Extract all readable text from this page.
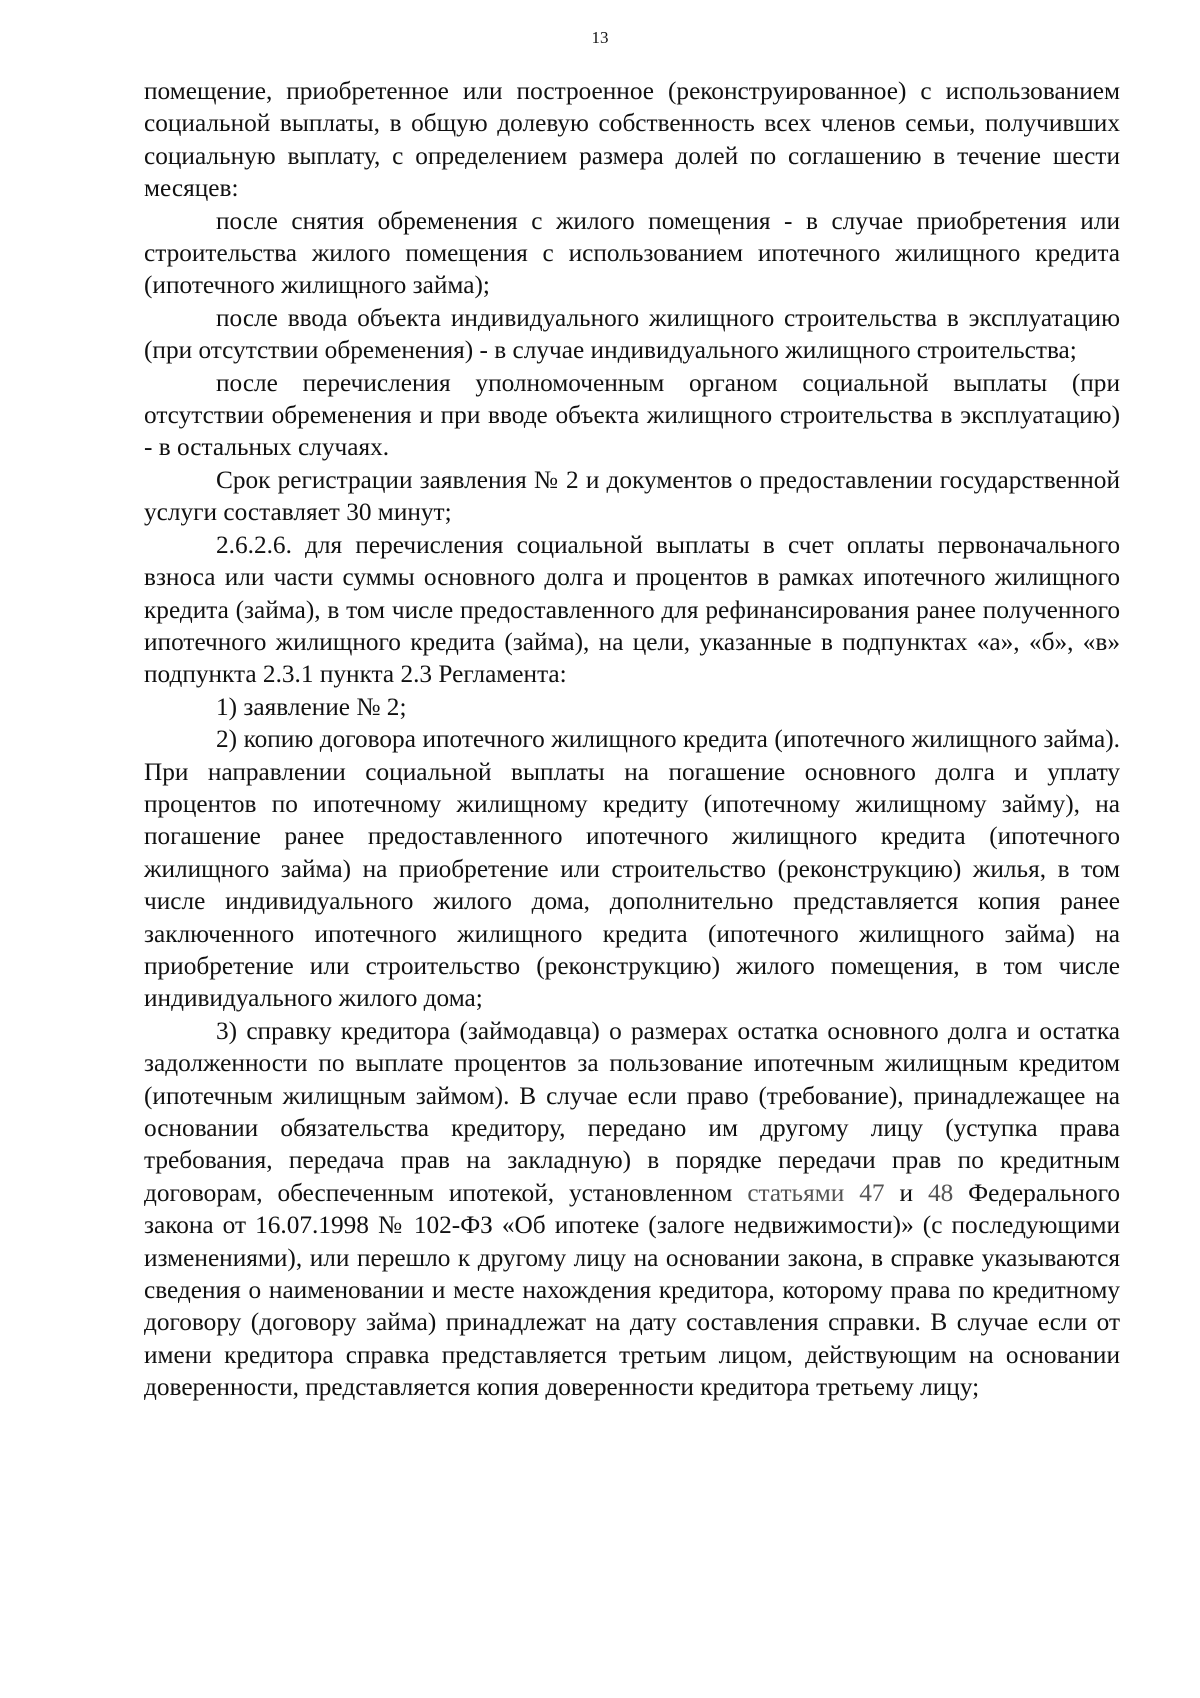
13

помещение, приобретенное или построенное (реконструированное) с использованием социальной выплаты, в общую долевую собственность всех членов семьи, получивших социальную выплату, с определением размера долей по соглашению в течение шести месяцев:

после снятия обременения с жилого помещения - в случае приобретения или строительства жилого помещения с использованием ипотечного жилищного кредита (ипотечного жилищного займа);

после ввода объекта индивидуального жилищного строительства в эксплуатацию (при отсутствии обременения) - в случае индивидуального жилищного строительства;

после перечисления уполномоченным органом социальной выплаты (при отсутствии обременения и при вводе объекта жилищного строительства в эксплуатацию) - в остальных случаях.

Срок регистрации заявления № 2 и документов о предоставлении государственной услуги составляет 30 минут;

2.6.2.6. для перечисления социальной выплаты в счет оплаты первоначального взноса или части суммы основного долга и процентов в рамках ипотечного жилищного кредита (займа), в том числе предоставленного для рефинансирования ранее полученного ипотечного жилищного кредита (займа), на цели, указанные в подпунктах «а», «б», «в» подпункта 2.3.1 пункта 2.3 Регламента:

1) заявление № 2;

2) копию договора ипотечного жилищного кредита (ипотечного жилищного займа). При направлении социальной выплаты на погашение основного долга и уплату процентов по ипотечному жилищному кредиту (ипотечному жилищному займу), на погашение ранее предоставленного ипотечного жилищного кредита (ипотечного жилищного займа) на приобретение или строительство (реконструкцию) жилья, в том числе индивидуального жилого дома, дополнительно представляется копия ранее заключенного ипотечного жилищного кредита (ипотечного жилищного займа) на приобретение или строительство (реконструкцию) жилого помещения, в том числе индивидуального жилого дома;

3) справку кредитора (займодавца) о размерах остатка основного долга и остатка задолженности по выплате процентов за пользование ипотечным жилищным кредитом (ипотечным жилищным займом). В случае если право (требование), принадлежащее на основании обязательства кредитору, передано им другому лицу (уступка права требования, передача прав на закладную) в порядке передачи прав по кредитным договорам, обеспеченным ипотекой, установленном статьями 47 и 48 Федерального закона от 16.07.1998 № 102-ФЗ «Об ипотеке (залоге недвижимости)» (с последующими изменениями), или перешло к другому лицу на основании закона, в справке указываются сведения о наименовании и месте нахождения кредитора, которому права по кредитному договору (договору займа) принадлежат на дату составления справки. В случае если от имени кредитора справка представляется третьим лицом, действующим на основании доверенности, представляется копия доверенности кредитора третьему лицу;
